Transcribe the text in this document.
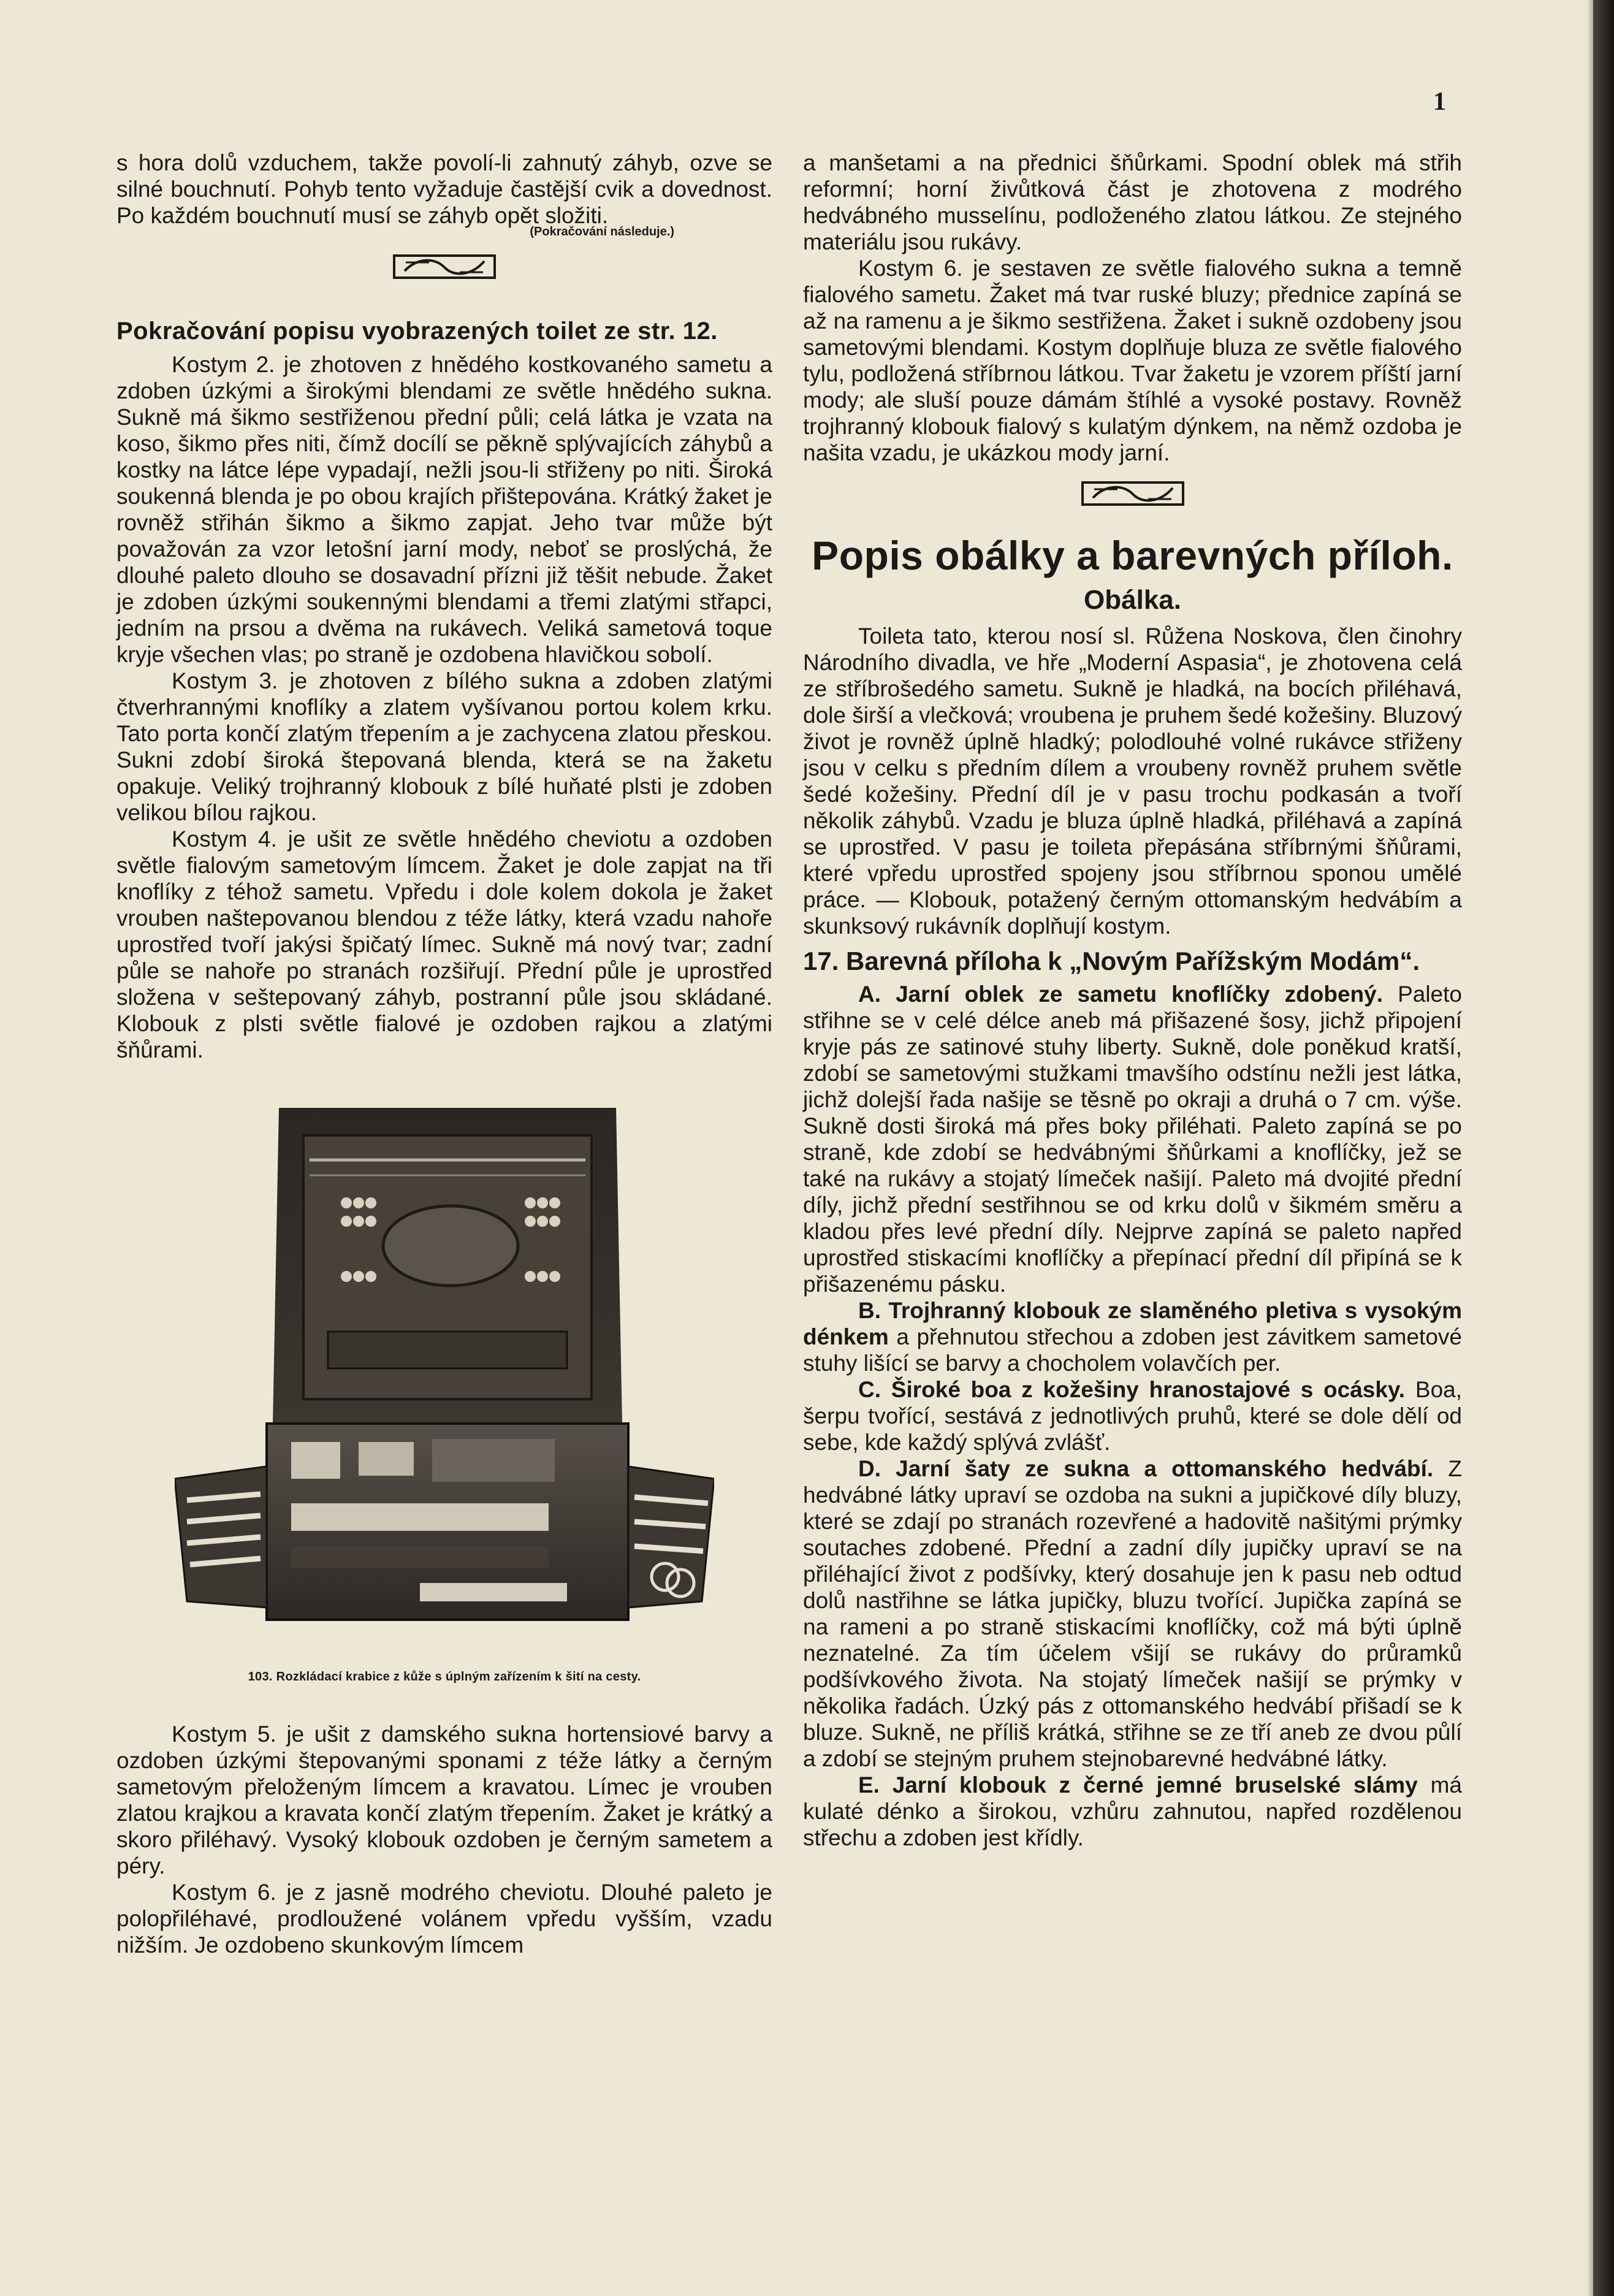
1

s hora dolů vzduchem, takže povolí-li zahnutý záhyb, ozve se silné bouchnutí. Pohyb tento vyžaduje častější cvik a dovednost. Po každém bouchnutí musí se záhyb opět složiti.

(Pokračování následuje.)
Pokračování popisu vyobrazených toilet ze str. 12.

Kostym 2. je zhotoven z hnědého kostkovaného sametu a zdoben úzkými a širokými blendami ze světle hnědého sukna. Sukně má šikmo sestřiženou přední půli; celá látka je vzata na koso, šikmo přes niti, čímž docílí se pěkně splývajících záhybů a kostky na látce lépe vypadají, nežli jsou-li střiženy po niti. Široká soukenná blenda je po obou krajích přištepována. Krátký žaket je rovněž střihán šikmo a šikmo zapjat. Jeho tvar může být považován za vzor letošní jarní mody, neboť se proslýchá, že dlouhé paleto dlouho se dosavadní přízni již těšit nebude. Žaket je zdoben úzkými soukennými blendami a třemi zlatými střapci, jedním na prsou a dvěma na rukávech. Veliká sametová toque kryje všechen vlas; po straně je ozdobena hlavičkou sobolí.

Kostym 3. je zhotoven z bílého sukna a zdoben zlatými čtverhrannými knoflíky a zlatem vyšívanou portou kolem krku. Tato porta končí zlatým třepením a je zachycena zlatou přeskou. Sukni zdobí široká štepovaná blenda, která se na žaketu opakuje. Veliký trojhranný klobouk z bílé huňaté plsti je zdoben velikou bílou rajkou.

Kostym 4. je ušit ze světle hnědého cheviotu a ozdoben světle fialovým sametovým límcem. Žaket je dole zapjat na tři knoflíky z téhož sametu. Vpředu i dole kolem dokola je žaket vrouben naštepovanou blendou z téže látky, která vzadu nahoře uprostřed tvoří jakýsi špičatý límec. Sukně má nový tvar; zadní půle se nahoře po stranách rozšiřují. Přední půle je uprostřed složena v seštepovaný záhyb, postranní půle jsou skládané. Klobouk z plsti světle fialové je ozdoben rajkou a zlatými šňůrami.

103. Rozkládací krabice z kůže s úplným zařízením k šití na cesty.

Kostym 5. je ušit z damského sukna hortensiové barvy a ozdoben úzkými štepovanými sponami z téže látky a černým sametovým přeloženým límcem a kravatou. Límec je vrouben zlatou krajkou a kravata končí zlatým třepením. Žaket je krátký a skoro přiléhavý. Vysoký klobouk ozdoben je černým sametem a péry.

Kostym 6. je z jasně modrého cheviotu. Dlouhé paleto je polopřiléhavé, prodloužené volánem vpředu vyšším, vzadu nižším. Je ozdobeno skunkovým límcem

a manšetami a na přednici šňůrkami. Spodní oblek má střih reformní; horní živůtková část je zhotovena z modrého hedvábného musselínu, podloženého zlatou látkou. Ze stejného materiálu jsou rukávy.

Kostym 6. je sestaven ze světle fialového sukna a temně fialového sametu. Žaket má tvar ruské bluzy; přednice zapíná se až na ramenu a je šikmo sestřižena. Žaket i sukně ozdobeny jsou sametovými blendami. Kostym doplňuje bluza ze světle fialového tylu, podložená stříbrnou látkou. Tvar žaketu je vzorem příští jarní mody; ale sluší pouze dámám štíhlé a vysoké postavy. Rovněž trojhranný klobouk fialový s kulatým dýnkem, na němž ozdoba je našita vzadu, je ukázkou mody jarní.

Popis obálky a barevných příloh.
Obálka.

Toileta tato, kterou nosí sl. Růžena Noskova, člen činohry Národního divadla, ve hře „Moderní Aspasia“, je zhotovena celá ze stříbrošedého sametu. Sukně je hladká, na bocích přiléhavá, dole širší a vlečková; vroubena je pruhem šedé kožešiny. Bluzový život je rovněž úplně hladký; polodlouhé volné rukávce střiženy jsou v celku s předním dílem a vroubeny rovněž pruhem světle šedé kožešiny. Přední díl je v pasu trochu podkasán a tvoří několik záhybů. Vzadu je bluza úplně hladká, přiléhavá a zapíná se uprostřed. V pasu je toileta přepásána stříbrnými šňůrami, které vpředu uprostřed spojeny jsou stříbrnou sponou umělé práce. — Klobouk, potažený černým ottomanským hedvábím a skunksový rukávník doplňují kostym.

17. Barevná příloha k „Novým Pařížským Modám“.

A. Jarní oblek ze sametu knoflíčky zdobený. Paleto střihne se v celé délce aneb má přišazené šosy, jichž připojení kryje pás ze satinové stuhy liberty. Sukně, dole poněkud kratší, zdobí se sametovými stužkami tmavšího odstínu nežli jest látka, jichž dolejší řada našije se těsně po okraji a druhá o 7 cm. výše. Sukně dosti široká má přes boky přiléhati. Paleto zapíná se po straně, kde zdobí se hedvábnými šňůrkami a knoflíčky, jež se také na rukávy a stojatý límeček našijí. Paleto má dvojité přední díly, jichž přední sestřihnou se od krku dolů v šikmém směru a kladou přes levé přední díly. Nejprve zapíná se paleto napřed uprostřed stiskacími knoflíčky a přepínací přední díl připíná se k přišazenému pásku.

B. Trojhranný klobouk ze slaměného pletiva s vysokým dénkem a přehnutou střechou a zdoben jest závitkem sametové stuhy lišící se barvy a chocholem volavčích per.

C. Široké boa z kožešiny hranostajové s ocásky. Boa, šerpu tvořící, sestává z jednotlivých pruhů, které se dole dělí od sebe, kde každý splývá zvlášť.

D. Jarní šaty ze sukna a ottomanského hedvábí. Z hedvábné látky upraví se ozdoba na sukni a jupičkové díly bluzy, které se zdají po stranách rozevřené a hadovitě našitými prýmky soutaches zdobené. Přední a zadní díly jupičky upraví se na přiléhající život z podšívky, který dosahuje jen k pasu neb odtud dolů nastřihne se látka jupičky, bluzu tvořící. Jupička zapíná se na rameni a po straně stiskacími knoflíčky, což má býti úplně neznatelné. Za tím účelem všijí se rukávy do průramků podšívkového života. Na stojatý límeček našijí se prýmky v několika řadách. Úzký pás z ottomanského hedvábí přišadí se k bluze. Sukně, ne příliš krátká, střihne se ze tří aneb ze dvou půlí a zdobí se stejným pruhem stejnobarevné hedvábné látky.

E. Jarní klobouk z černé jemné bruselské slámy má kulaté dénko a širokou, vzhůru zahnutou, napřed rozdělenou střechu a zdoben jest křídly.
